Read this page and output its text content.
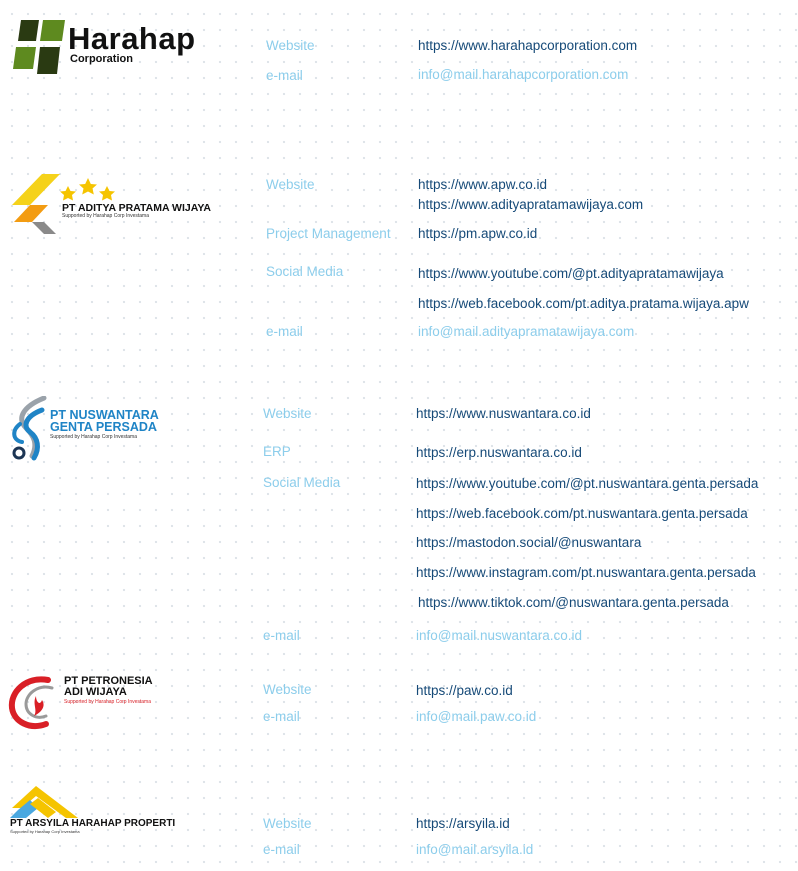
Harahap
Corporation
Website	https://www.harahapcorporation.com
e-mail	info@mail.harahapcorporation.com
PT ADITYA PRATAMA WIJAYA
Supported by Harahap Corp Investama
Website	https://www.apw.co.id
https://www.adityapratamawijaya.com
Project Management https://pm.apw.co.id
Social Media	https://www.youtube.com/@pt.adityapratamawijaya
https://web.facebook.com/pt.aditya.pratama.wijaya.apw
e-mail	info@mail.adityapramatawijaya.com
PT NUSWANTARA
GENTA PERSADA
Supported by Harahap Corp Investama
Website	https://www.nuswantara.co.id
ERP	https://erp.nuswantara.co.id
Social Media	https://www.youtube.com/@pt.nuswantara.genta.persada
https://web.facebook.com/pt.nuswantara.genta.persada
https://mastodon.social/@nuswantara
https://www.instagram.com/pt.nuswantara.genta.persada
https://www.tiktok.com/@nuswantara.genta.persada
e-mail	info@mail.nuswantara.co.id
PT PETRONESIA
ADI WIJAYA
Supported by Harahap Corp Investama
Website	https://paw.co.id
e-mail	info@mail.paw.co.id
PT ARSYILA HARAHAP PROPERTI
Supported by Harahap Corp Investama
Website	https://arsyila.id
e-mail	info@mail.arsyila.id
